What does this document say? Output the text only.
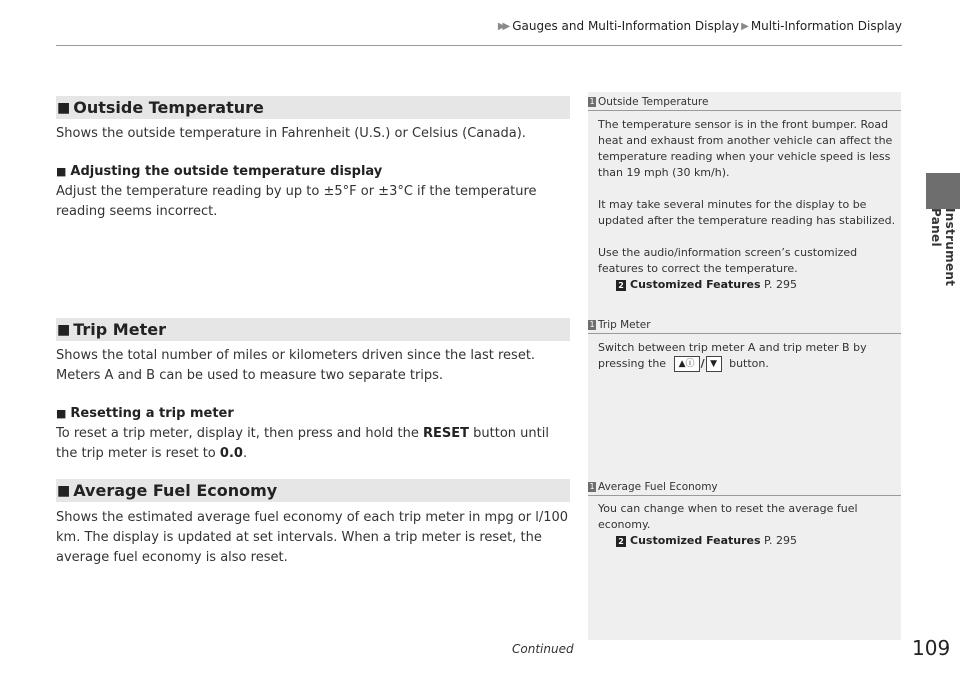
▶▶ Gauges and Multi-Information Display ▶ Multi-Information Display
Instrument Panel
■ Outside Temperature

Shows the outside temperature in Fahrenheit (U.S.) or Celsius (Canada).

■ Adjusting the outside temperature display

Adjust the temperature reading by up to ±5°F or ±3°C if the temperature reading seems incorrect.

■ Trip Meter

Shows the total number of miles or kilometers driven since the last reset. Meters A and B can be used to measure two separate trips.

■ Resetting a trip meter

To reset a trip meter, display it, then press and hold the RESET button until the trip meter is reset to 0.0.

■ Average Fuel Economy

Shows the estimated average fuel economy of each trip meter in mpg or l/100 km. The display is updated at set intervals. When a trip meter is reset, the average fuel economy is also reset.

1 Outside Temperature

The temperature sensor is in the front bumper. Road heat and exhaust from another vehicle can affect the temperature reading when your vehicle speed is less than 19 mph (30 km/h).

It may take several minutes for the display to be updated after the temperature reading has stabilized.

Use the audio/information screen’s customized features to correct the temperature.

2 Customized Features P. 295

1 Trip Meter

Switch between trip meter A and trip meter B by pressing the	▲ⓘ / ▼	button.

1 Average Fuel Economy

You can change when to reset the average fuel economy.

2 Customized Features P. 295

Continued	109
